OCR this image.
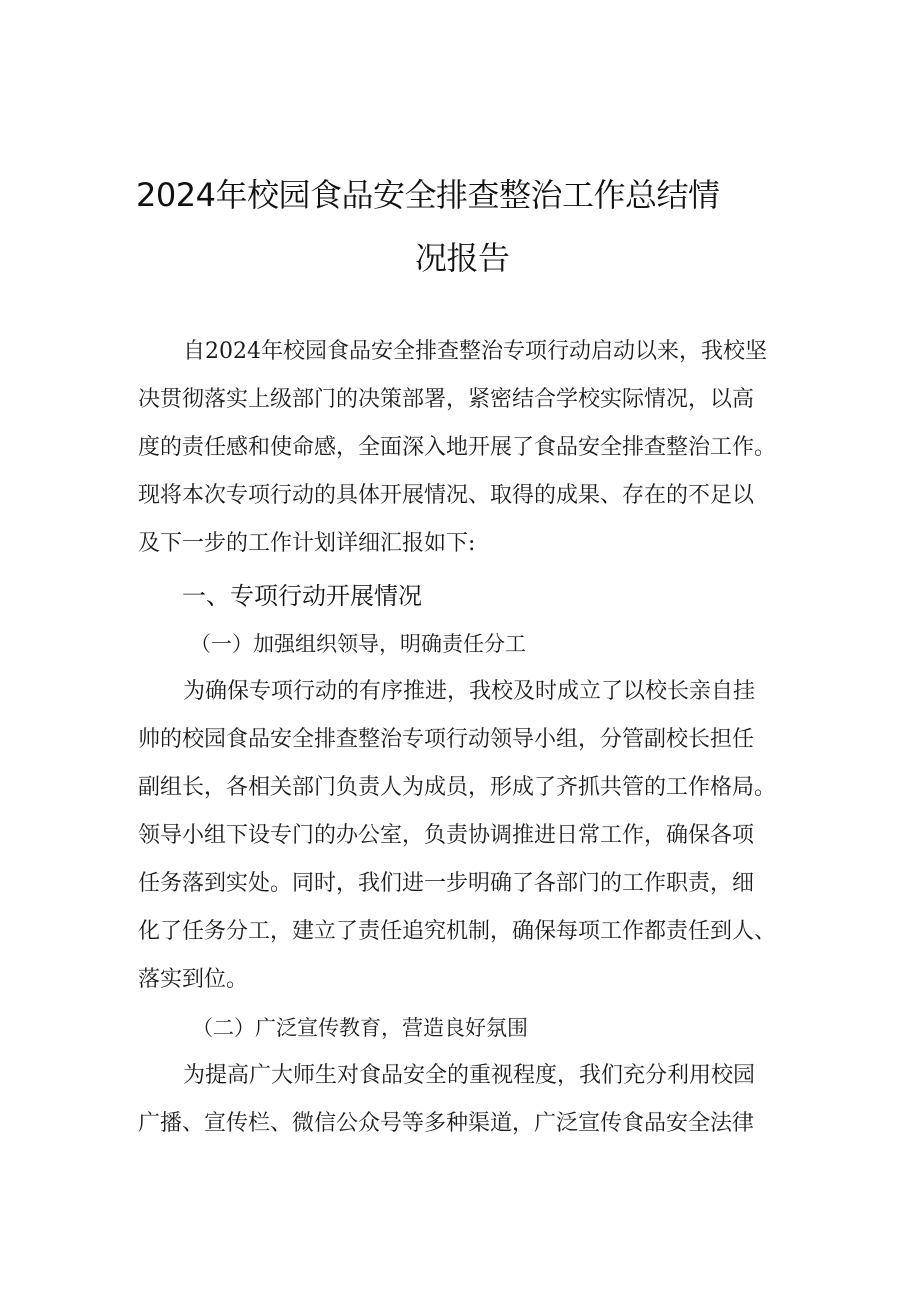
2024年校园食品安全排查整治工作总结情
况报告
自2024年校园食品安全排查整治专项行动启动以来，我校坚
决贯彻落实上级部门的决策部署，紧密结合学校实际情况，以高
度的责任感和使命感，全面深入地开展了食品安全排查整治工作。
现将本次专项行动的具体开展情况、取得的成果、存在的不足以
及下一步的工作计划详细汇报如下:
一、专项行动开展情况
（一）加强组织领导，明确责任分工
为确保专项行动的有序推进，我校及时成立了以校长亲自挂
帅的校园食品安全排查整治专项行动领导小组，分管副校长担任
副组长，各相关部门负责人为成员，形成了齐抓共管的工作格局。
领导小组下设专门的办公室，负责协调推进日常工作，确保各项
任务落到实处。同时，我们进一步明确了各部门的工作职责，细
化了任务分工，建立了责任追究机制，确保每项工作都责任到人、
落实到位。
（二）广泛宣传教育，营造良好氛围
为提高广大师生对食品安全的重视程度，我们充分利用校园
广播、宣传栏、微信公众号等多种渠道，广泛宣传食品安全法律
